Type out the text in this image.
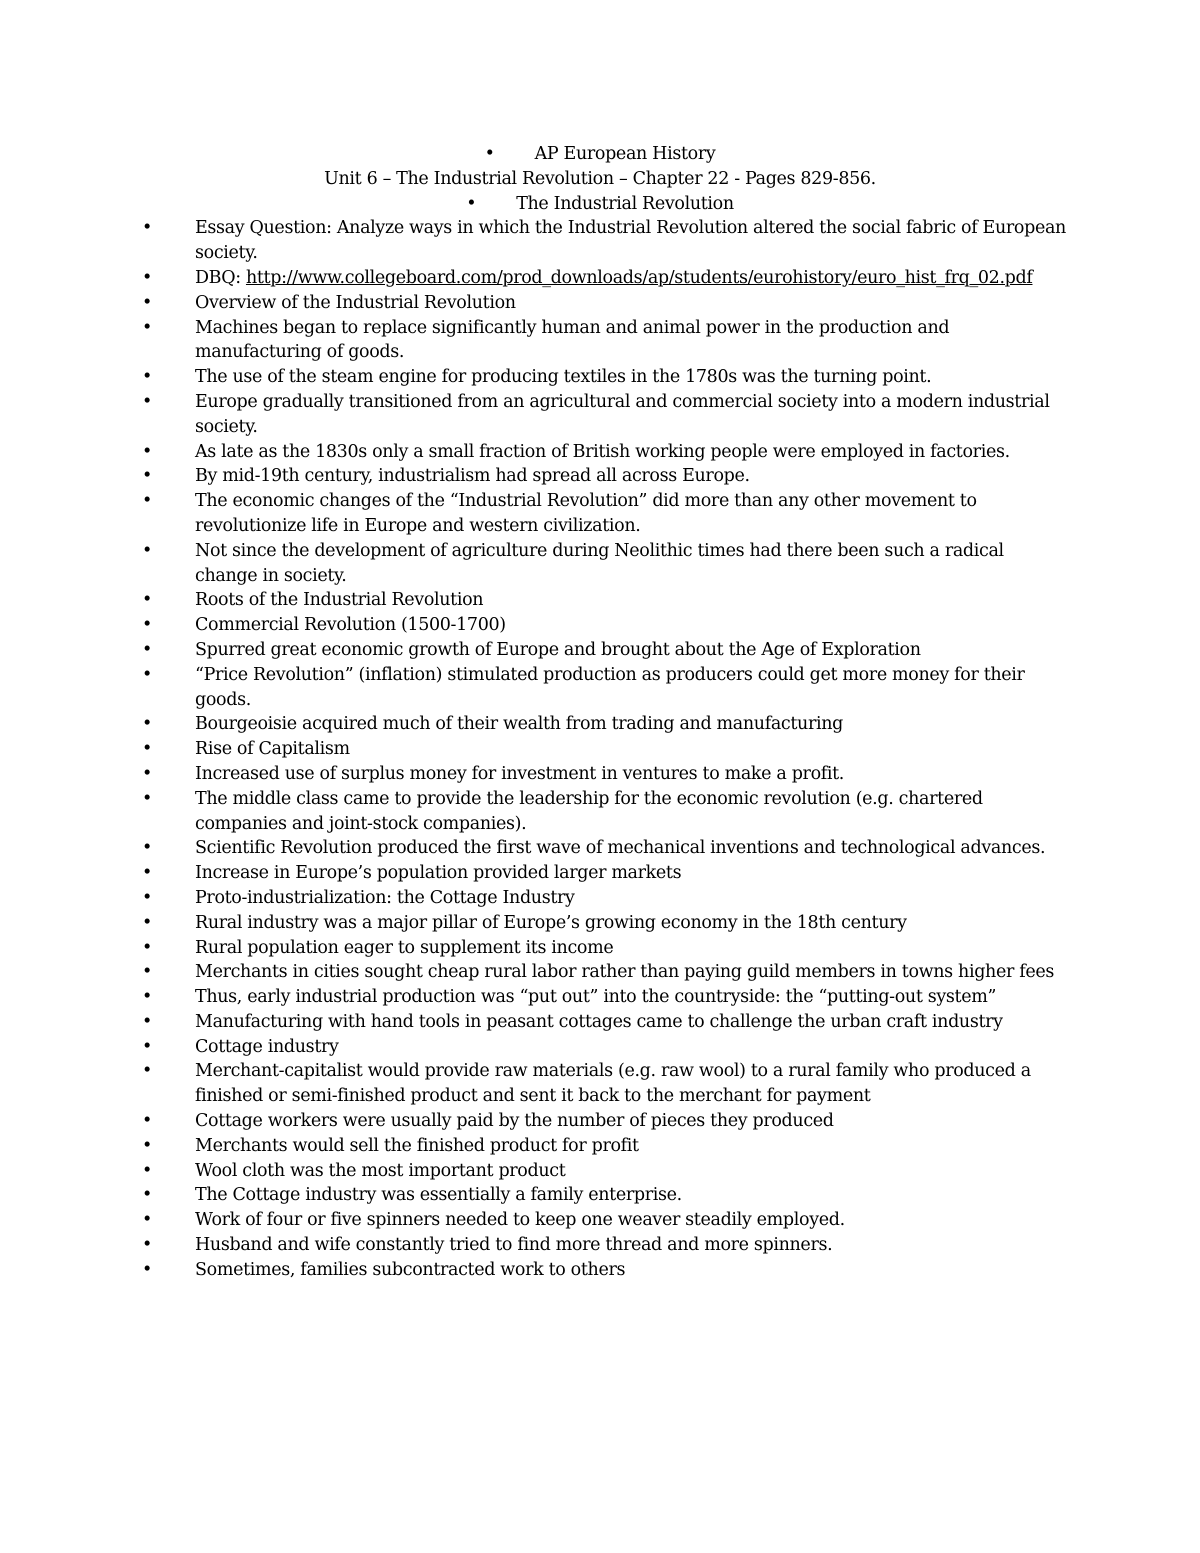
• AP European History
Unit 6 – The Industrial Revolution – Chapter 22 - Pages 829-856.
• The Industrial Revolution
• Essay Question: Analyze ways in which the Industrial Revolution altered the social fabric of European society.
• DBQ: http://www.collegeboard.com/prod_downloads/ap/students/eurohistory/euro_hist_frq_02.pdf
• Overview of the Industrial Revolution
• Machines began to replace significantly human and animal power in the production and manufacturing of goods.
• The use of the steam engine for producing textiles in the 1780s was the turning point.
• Europe gradually transitioned from an agricultural and commercial society into a modern industrial society.
• As late as the 1830s only a small fraction of British working people were employed in factories.
• By mid-19th century, industrialism had spread all across Europe.
• The economic changes of the “Industrial Revolution” did more than any other movement to revolutionize life in Europe and western civilization.
• Not since the development of agriculture during Neolithic times had there been such a radical change in society.
• Roots of the Industrial Revolution
• Commercial Revolution (1500-1700)
• Spurred great economic growth of Europe and brought about the Age of Exploration
• “Price Revolution” (inflation) stimulated production as producers could get more money for their goods.
• Bourgeoisie acquired much of their wealth from trading and manufacturing
• Rise of Capitalism
• Increased use of surplus money for investment in ventures to make a profit.
• The middle class came to provide the leadership for the economic revolution (e.g. chartered companies and joint-stock companies).
• Scientific Revolution produced the first wave of mechanical inventions and technological advances.
• Increase in Europe’s population provided larger markets
• Proto-industrialization: the Cottage Industry
• Rural industry was a major pillar of Europe’s growing economy in the 18th century
• Rural population eager to supplement its income
• Merchants in cities sought cheap rural labor rather than paying guild members in towns higher fees
• Thus, early industrial production was “put out” into the countryside: the “putting-out system”
• Manufacturing with hand tools in peasant cottages came to challenge the urban craft industry
• Cottage industry
• Merchant-capitalist would provide raw materials (e.g. raw wool) to a rural family who produced a finished or semi-finished product and sent it back to the merchant for payment
• Cottage workers were usually paid by the number of pieces they produced
• Merchants would sell the finished product for profit
• Wool cloth was the most important product
• The Cottage industry was essentially a family enterprise.
• Work of four or five spinners needed to keep one weaver steadily employed.
• Husband and wife constantly tried to find more thread and more spinners.
• Sometimes, families subcontracted work to others
